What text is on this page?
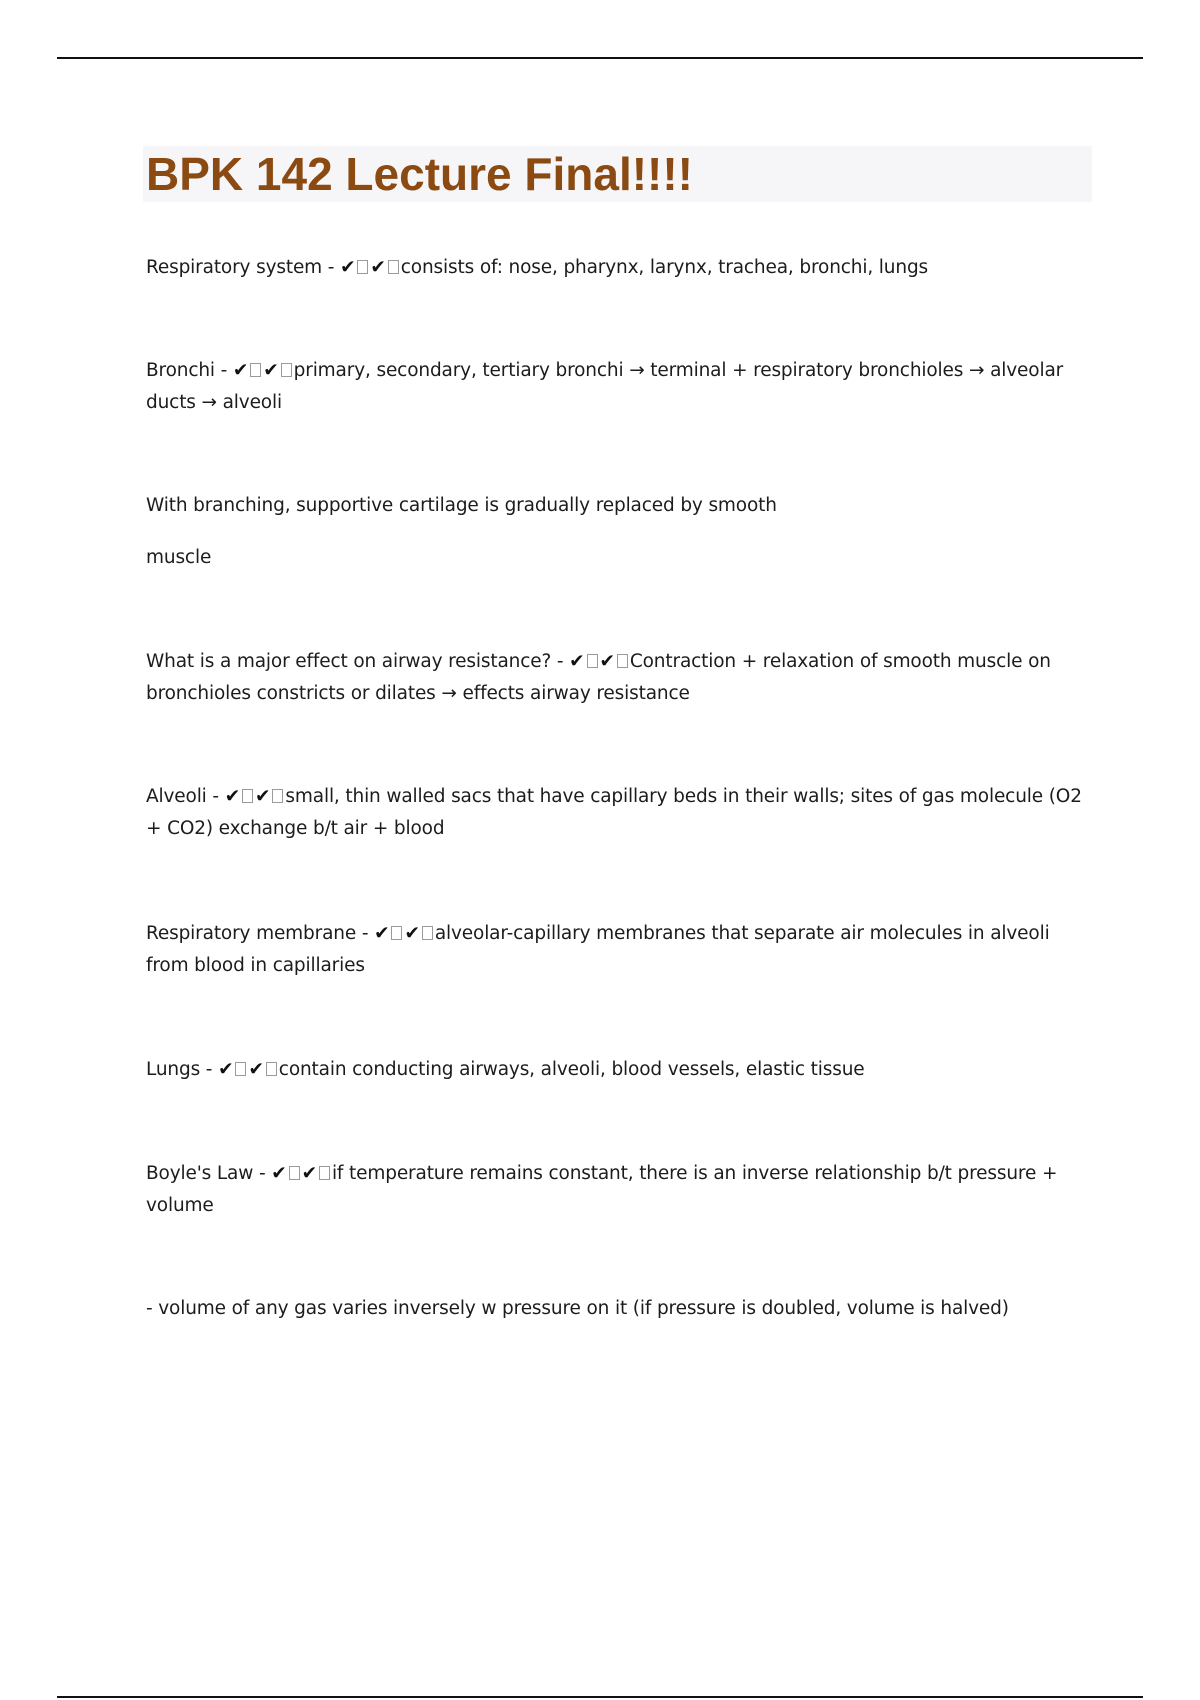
BPK 142 Lecture Final!!!!

Respiratory system - ✔ ✔ consists of: nose, pharynx, larynx, trachea, bronchi, lungs

Bronchi - ✔ ✔ primary, secondary, tertiary bronchi → terminal + respiratory bronchioles → alveolar ducts → alveoli

With branching, supportive cartilage is gradually replaced by smooth

muscle

What is a major effect on airway resistance? - ✔ ✔ Contraction + relaxation of smooth muscle on bronchioles constricts or dilates → effects airway resistance

Alveoli - ✔ ✔ small, thin walled sacs that have capillary beds in their walls; sites of gas molecule (O2 + CO2) exchange b/t air + blood

Respiratory membrane - ✔ ✔ alveolar-capillary membranes that separate air molecules in alveoli from blood in capillaries

Lungs - ✔ ✔ contain conducting airways, alveoli, blood vessels, elastic tissue

Boyle's Law - ✔ ✔ if temperature remains constant, there is an inverse relationship b/t pressure + volume

- volume of any gas varies inversely w pressure on it (if pressure is doubled, volume is halved)
